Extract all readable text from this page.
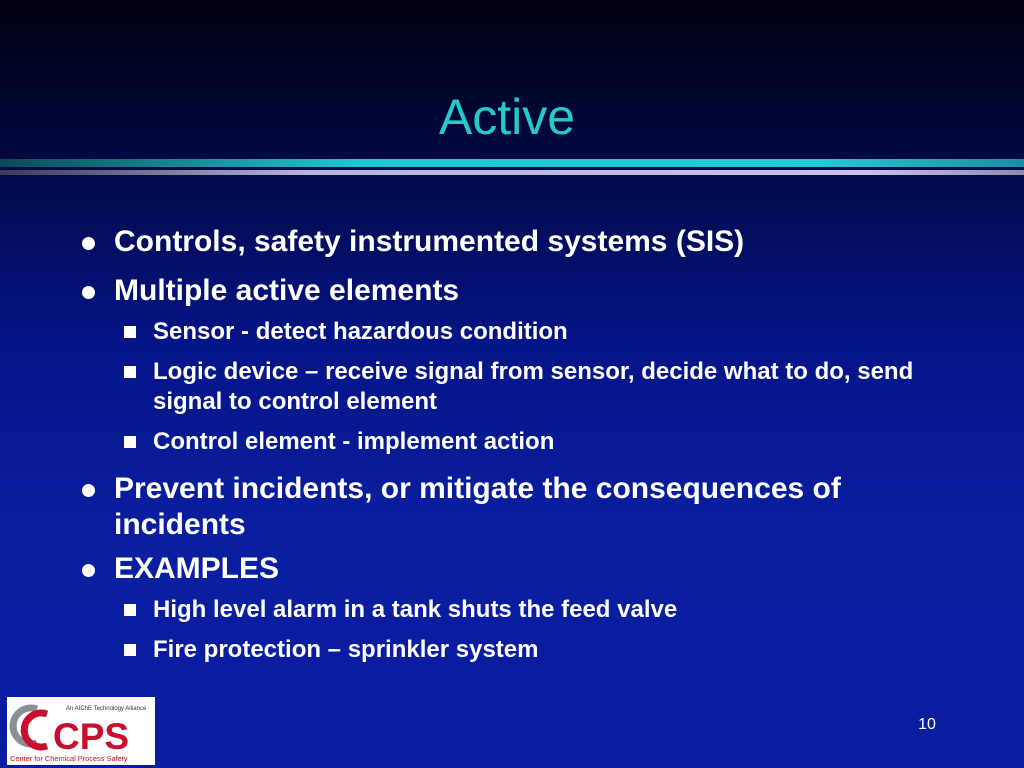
Active
Controls, safety instrumented systems (SIS)
Multiple active elements
Sensor - detect hazardous condition
Logic device – receive signal from sensor, decide what to do, send signal to control element
Control element - implement action
Prevent incidents, or mitigate the consequences of incidents
EXAMPLES
High level alarm in a tank shuts the feed valve
Fire protection – sprinkler system
CPS
An AIChE Technology Alliance
Center for Chemical Process Safety
10
